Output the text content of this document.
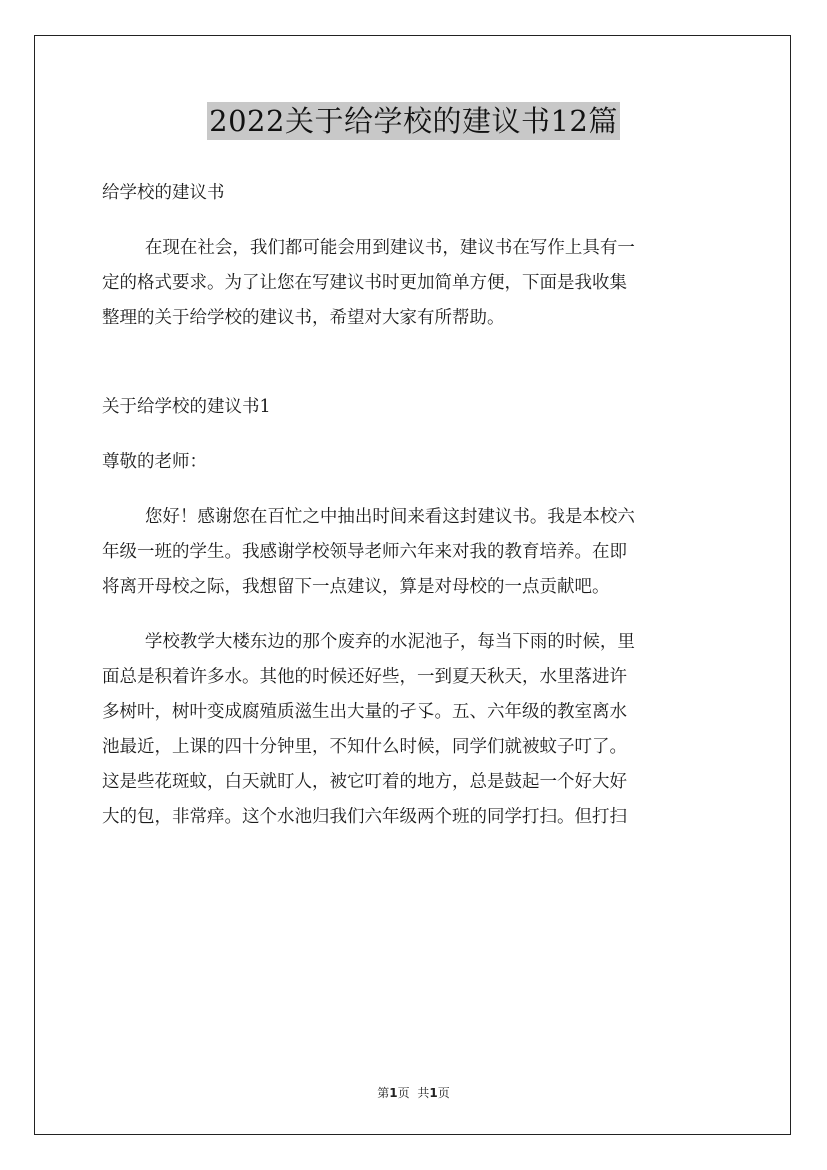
2022关于给学校的建议书12篇
给学校的建议书
在现在社会，我们都可能会用到建议书，建议书在写作上具有一
定的格式要求。为了让您在写建议书时更加简单方便，下面是我收集
整理的关于给学校的建议书，希望对大家有所帮助。
关于给学校的建议书1
尊敬的老师：
您好！感谢您在百忙之中抽出时间来看这封建议书。我是本校六
年级一班的学生。我感谢学校领导老师六年来对我的教育培养。在即
将离开母校之际，我想留下一点建议，算是对母校的一点贡献吧。
学校教学大楼东边的那个废弃的水泥池子，每当下雨的时候，里
面总是积着许多水。其他的时候还好些，一到夏天秋天，水里落进许
多树叶，树叶变成腐殖质滋生出大量的孑孓。五、六年级的教室离水
池最近，上课的四十分钟里，不知什么时候，同学们就被蚊子叮了。
这是些花斑蚊，白天就盯人，被它叮着的地方，总是鼓起一个好大好
大的包，非常痒。这个水池归我们六年级两个班的同学打扫。但打扫
第1页 共1页
